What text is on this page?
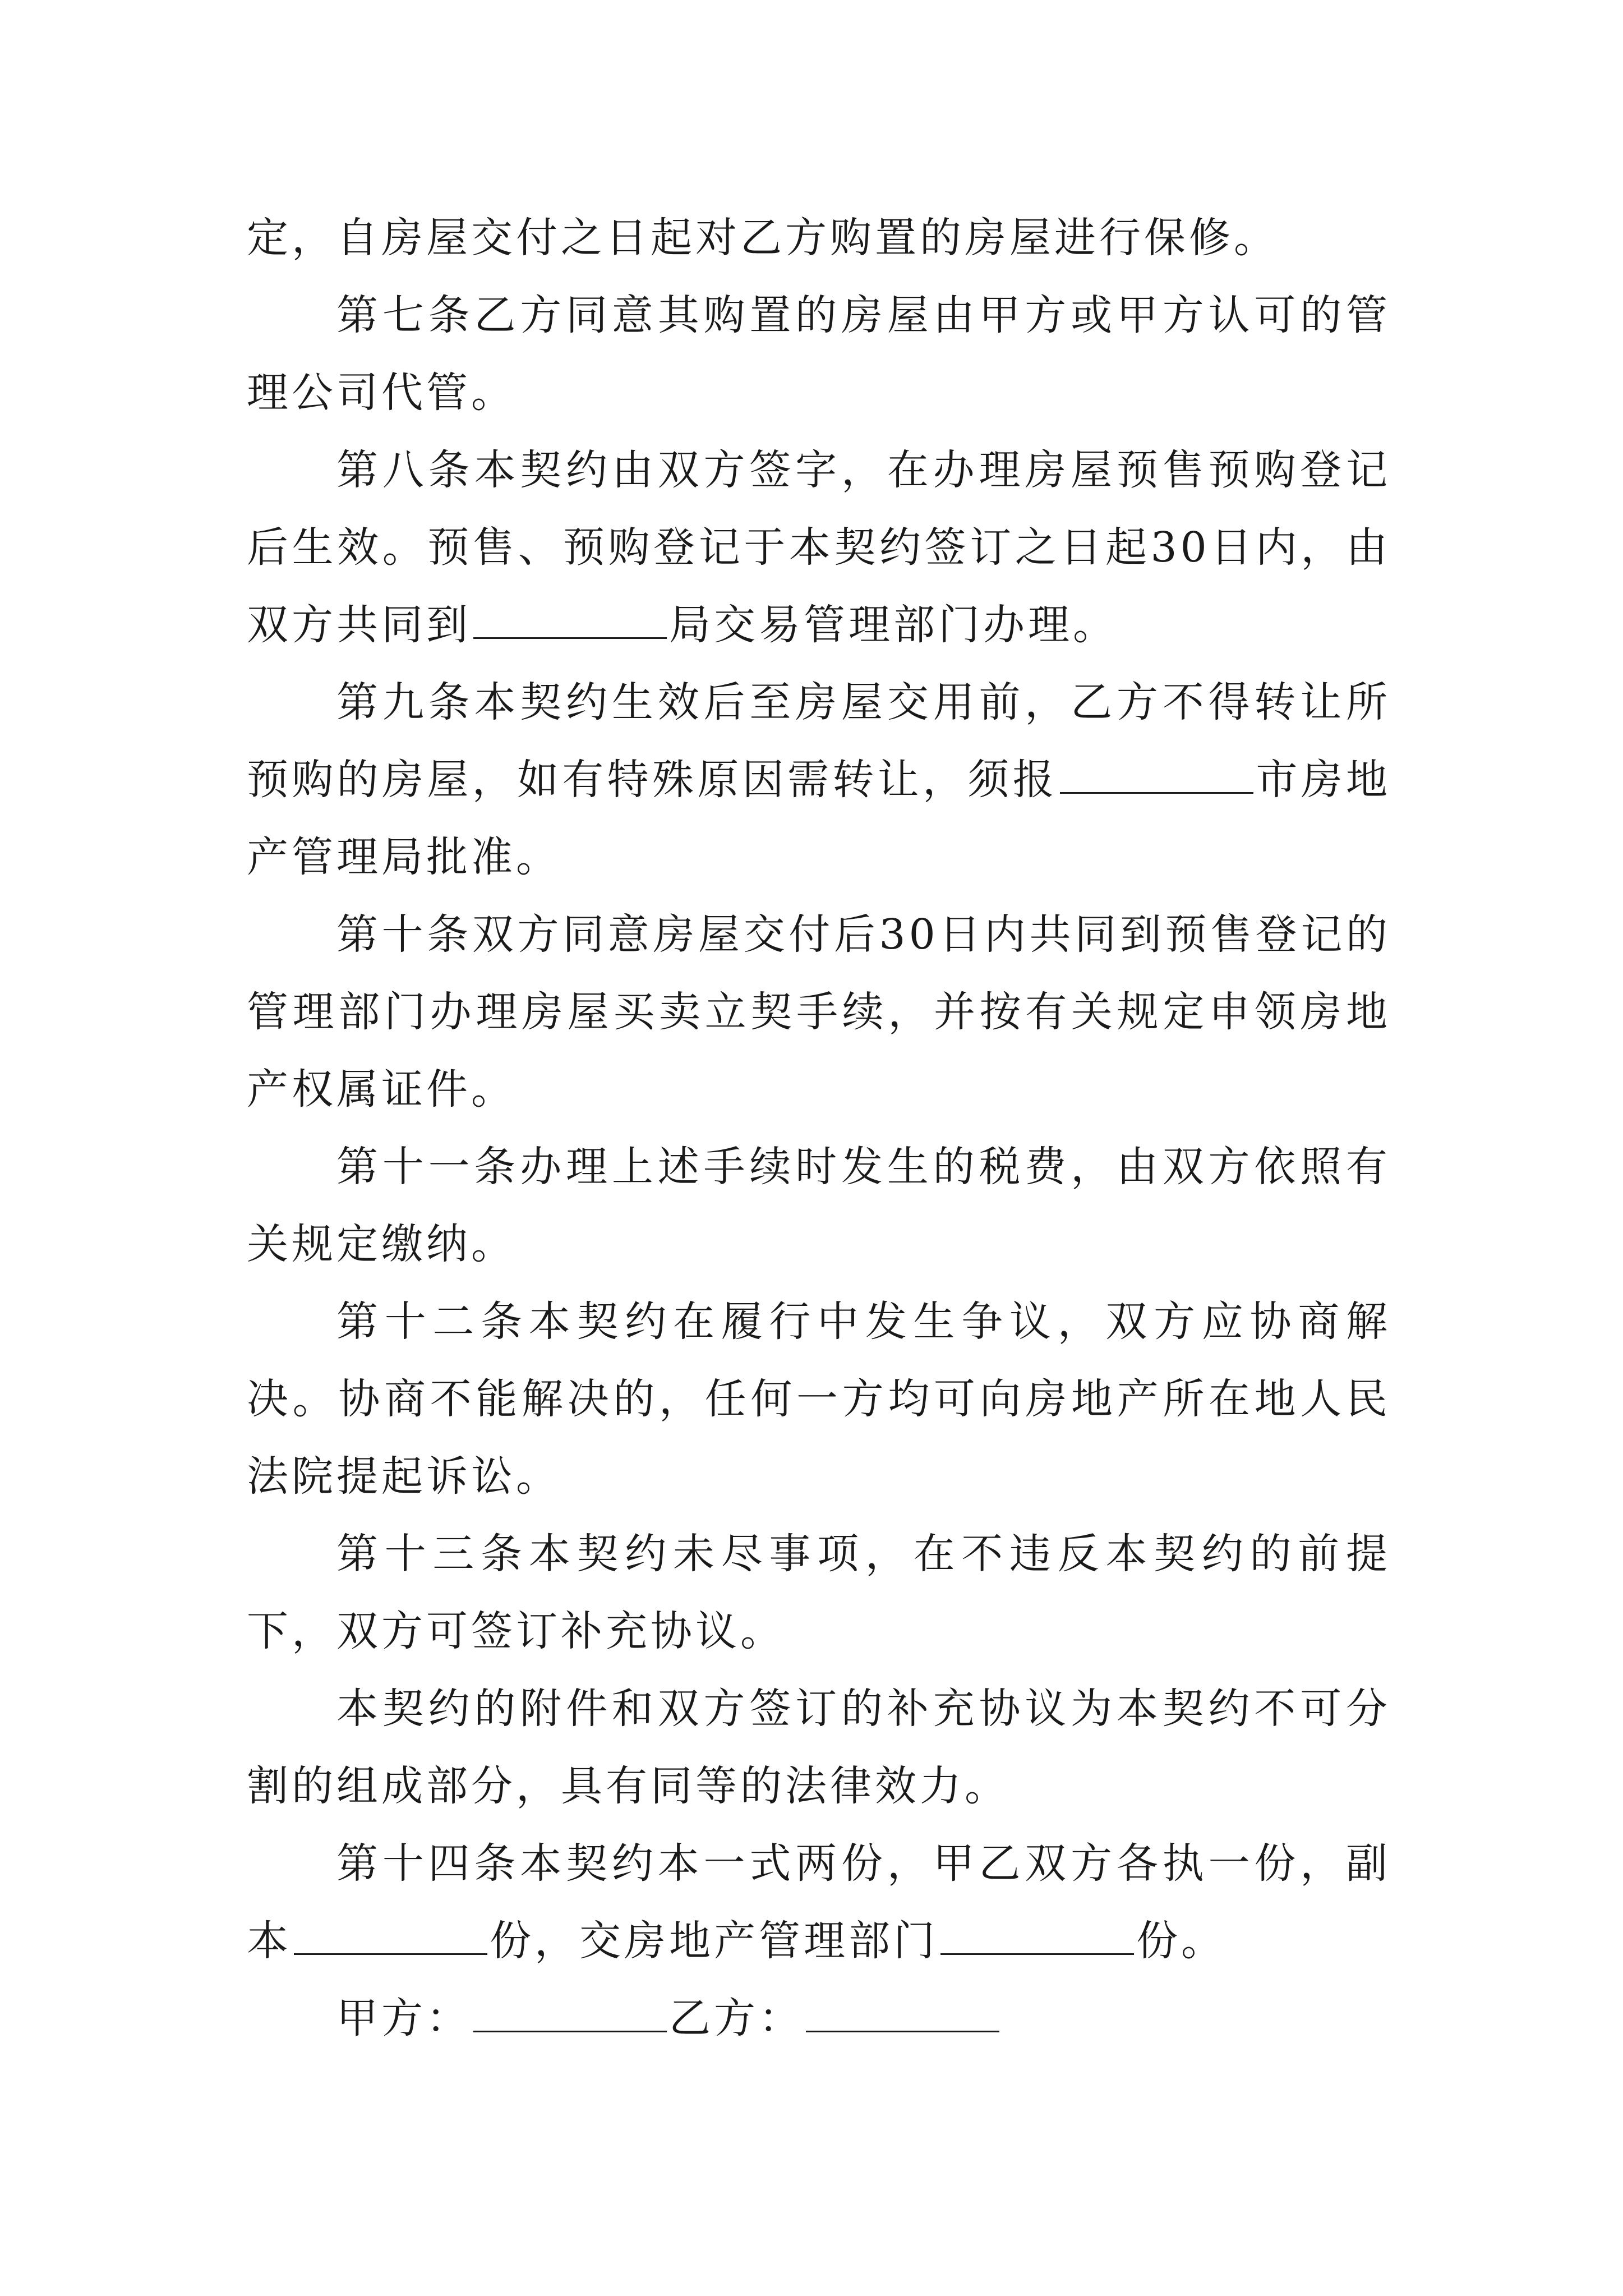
定，自房屋交付之日起对乙方购置的房屋进行保修。

第七条乙方同意其购置的房屋由甲方或甲方认可的管理公司代管。

第八条本契约由双方签字，在办理房屋预售预购登记后生效。预售、预购登记于本契约签订之日起30日内，由双方共同到	局交易管理部门办理。

第九条本契约生效后至房屋交用前，乙方不得转让所预购的房屋，如有特殊原因需转让，须报	市房地产管理局批准。

第十条双方同意房屋交付后30日内共同到预售登记的管理部门办理房屋买卖立契手续，并按有关规定申领房地产权属证件。

第十一条办理上述手续时发生的税费，由双方依照有关规定缴纳。

第十二条本契约在履行中发生争议，双方应协商解决。协商不能解决的，任何一方均可向房地产所在地人民法院提起诉讼。

第十三条本契约未尽事项，在不违反本契约的前提下，双方可签订补充协议。

本契约的附件和双方签订的补充协议为本契约不可分割的组成部分，具有同等的法律效力。

第十四条本契约本一式两份，甲乙双方各执一份，副本	份，交房地产管理部门	份。

甲方：	乙方：
